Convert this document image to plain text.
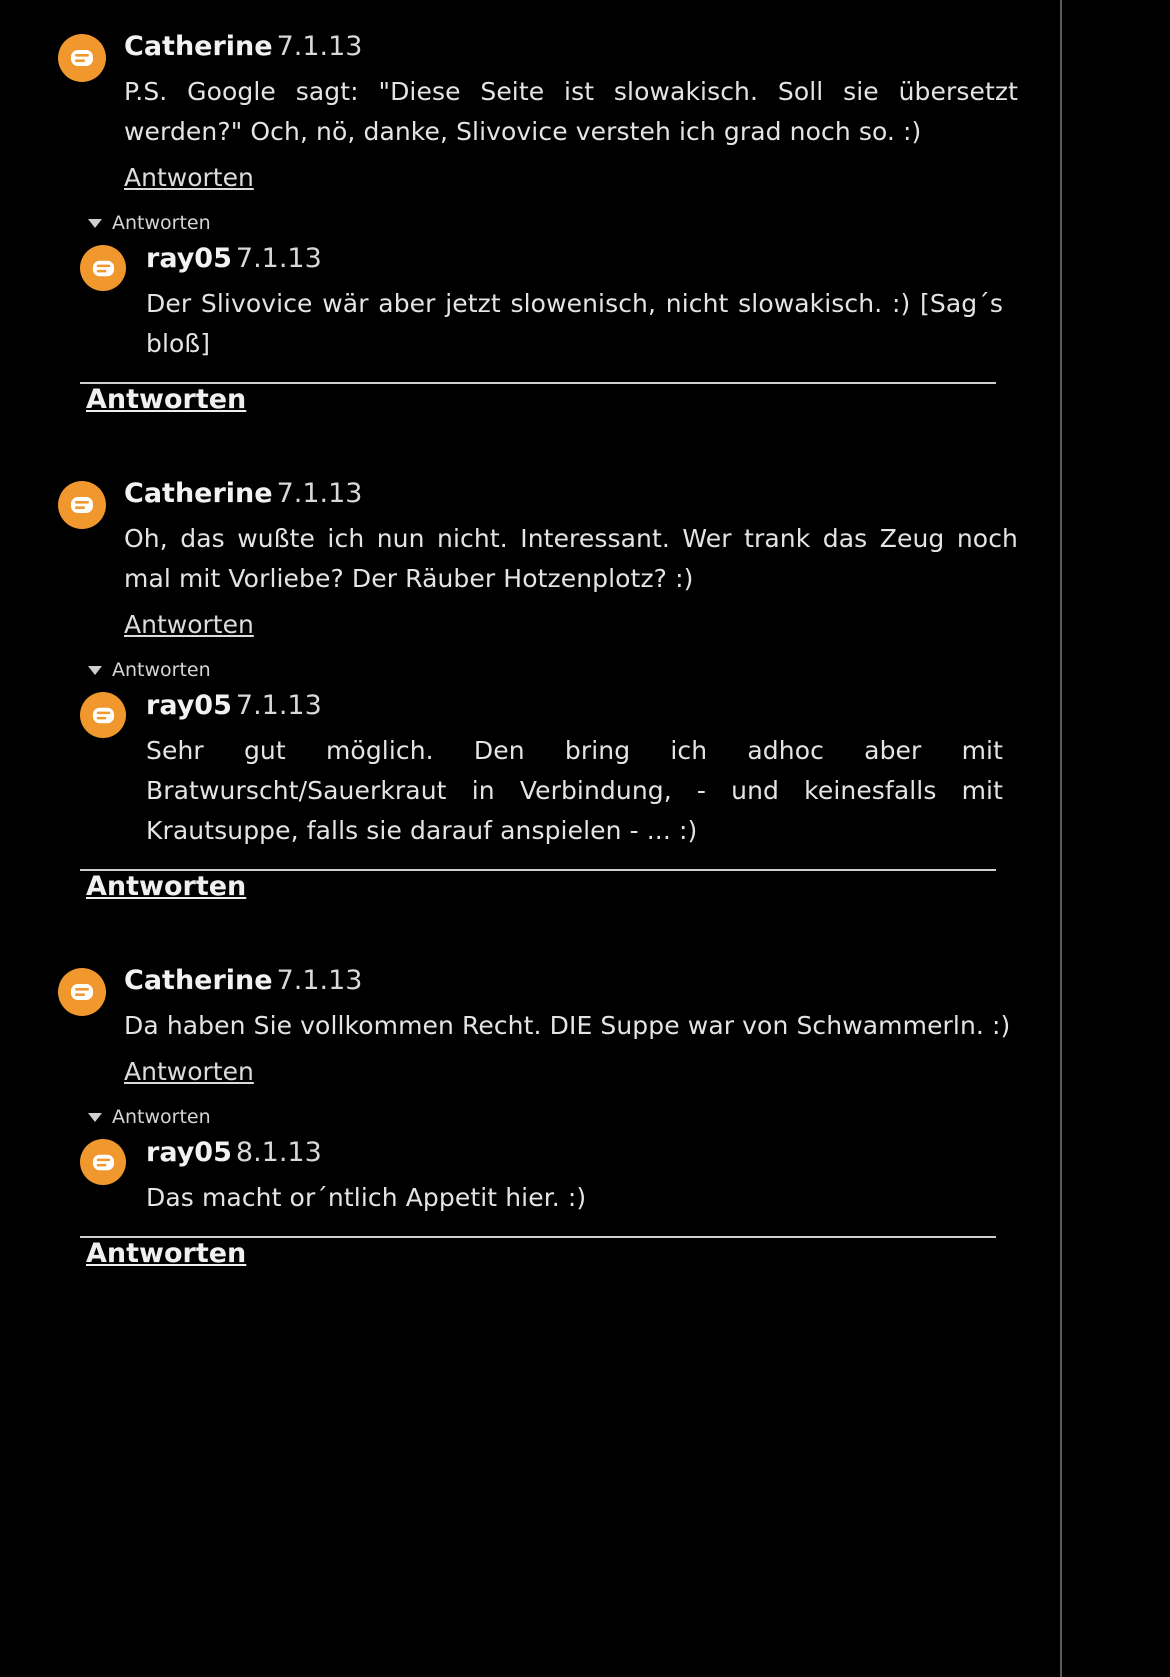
Catherine 7.1.13

P.S. Google sagt: "Diese Seite ist slowakisch. Soll sie übersetzt werden?" Och, nö, danke, Slivovice versteh ich grad noch so. :)

Antworten
Antworten
ray05 7.1.13

Der Slivovice wär aber jetzt slowenisch, nicht slowakisch. :) [Sag´s bloß]

Antworten
Catherine 7.1.13

Oh, das wußte ich nun nicht. Interessant. Wer trank das Zeug noch mal mit Vorliebe? Der Räuber Hotzenplotz? :)

Antworten
Antworten
ray05 7.1.13

Sehr gut möglich. Den bring ich adhoc aber mit Bratwurscht/Sauerkraut in Verbindung, - und keinesfalls mit Krautsuppe, falls sie darauf anspielen - ... :)

Antworten
Catherine 7.1.13

Da haben Sie vollkommen Recht. DIE Suppe war von Schwammerln. :)

Antworten
Antworten
ray05 8.1.13

Das macht or´ntlich Appetit hier. :)

Antworten
